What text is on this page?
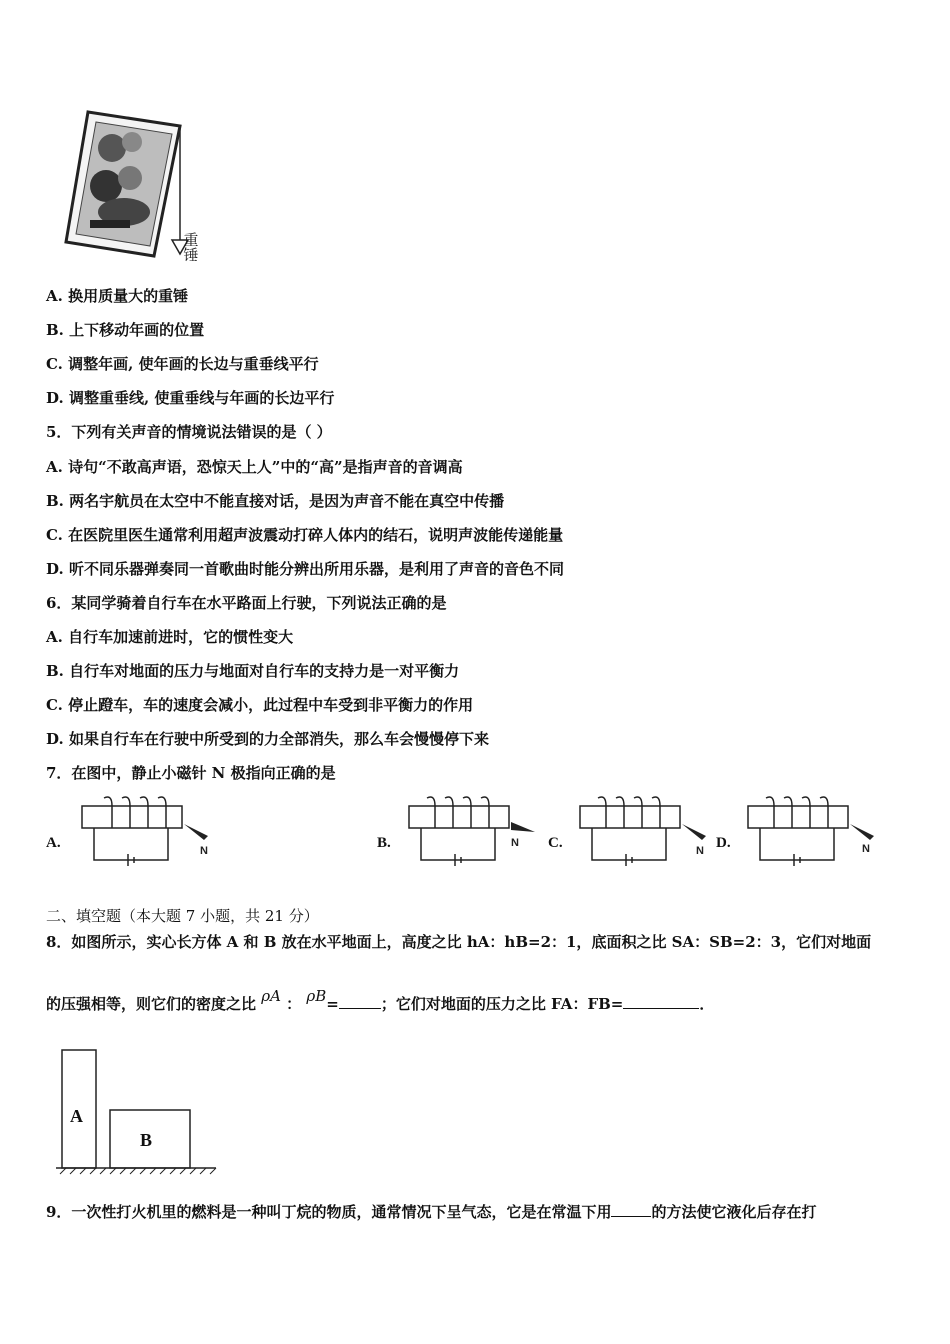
重锤
A. 换用质量大的重锤
B. 上下移动年画的位置
C. 调整年画, 使年画的长边与重垂线平行
D. 调整重垂线, 使重垂线与年画的长边平行
5．下列有关声音的情境说法错误的是（ ）
A. 诗句“不敢高声语，恐惊天上人”中的“高”是指声音的音调高
B. 两名宇航员在太空中不能直接对话，是因为声音不能在真空中传播
C. 在医院里医生通常利用超声波震动打碎人体内的结石，说明声波能传递能量
D. 听不同乐器弹奏同一首歌曲时能分辨出所用乐器，是利用了声音的音色不同
6．某同学骑着自行车在水平路面上行驶，下列说法正确的是
A. 自行车加速前进时，它的惯性变大
B. 自行车对地面的压力与地面对自行车的支持力是一对平衡力
C. 停止蹬车，车的速度会减小，此过程中车受到非平衡力的作用
D. 如果自行车在行驶中所受到的力全部消失，那么车会慢慢停下来
7．在图中，静止小磁针 N 极指向正确的是
A.	N	B.	N C.	N D.	N
二、填空题（本大题 7 小题，共 21 分）
8．如图所示，实心长方体 A 和 B 放在水平地面上，高度之比 hA：hB=2：1，底面积之比 SA：SB=2：3，它们对地面
的压强相等，则它们的密度之比 ρA ： ρB=	；它们对地面的压力之比 FA：FB=	．
A
B
9．一次性打火机里的燃料是一种叫丁烷的物质，通常情况下呈气态，它是在常温下用	的方法使它液化后存在打
